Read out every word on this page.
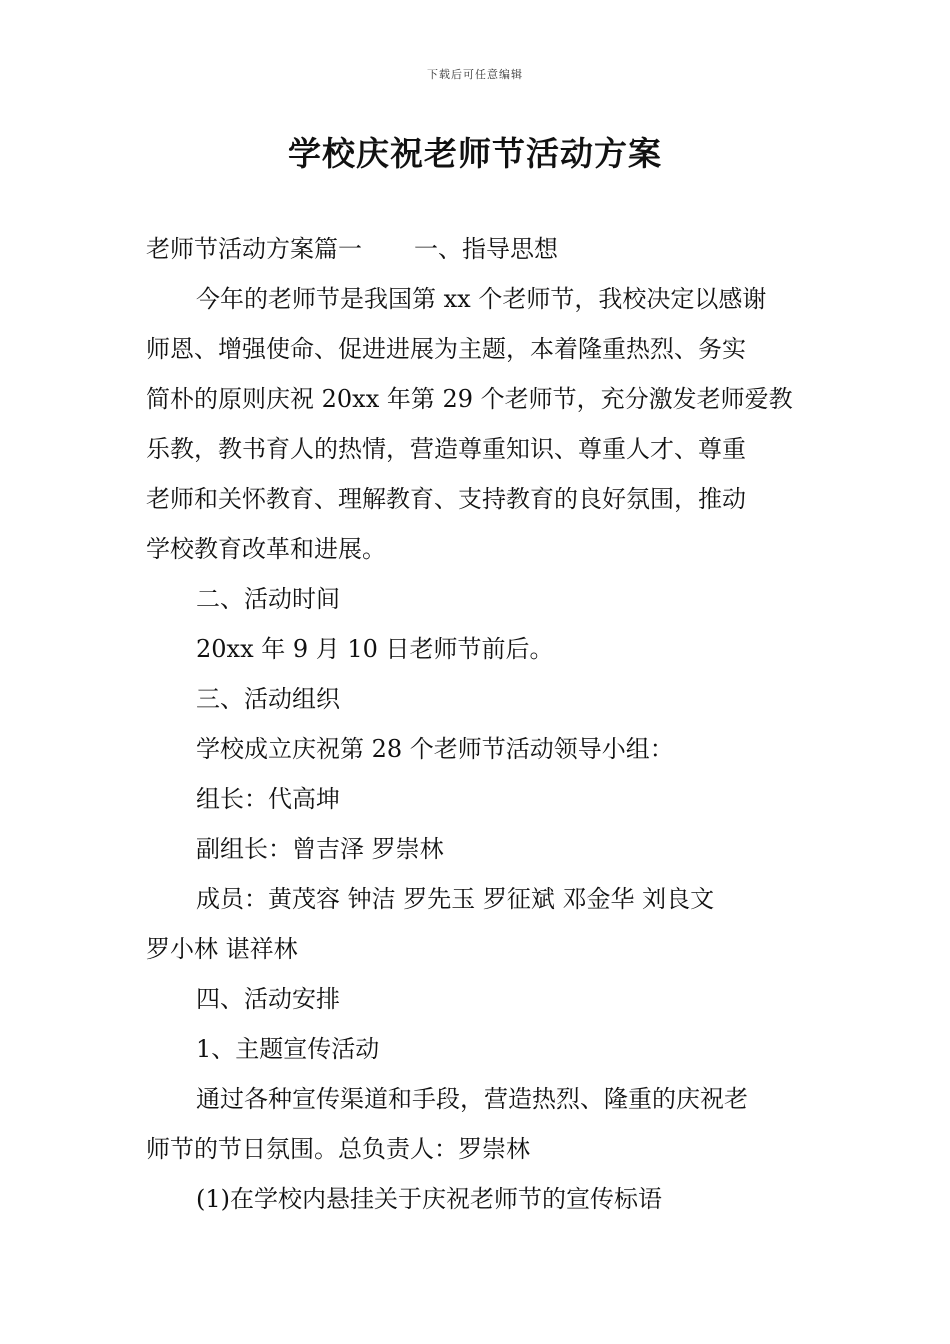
下载后可任意编辑
学校庆祝老师节活动方案
老师节活动方案篇一 一、指导思想
今年的老师节是我国第 xx 个老师节，我校决定以感谢
师恩、增强使命、促进进展为主题，本着隆重热烈、务实
简朴的原则庆祝 20xx 年第 29 个老师节，充分激发老师爱教
乐教，教书育人的热情，营造尊重知识、尊重人才、尊重
老师和关怀教育、理解教育、支持教育的良好氛围，推动
学校教育改革和进展。
二、活动时间
20xx 年 9 月 10 日老师节前后。
三、活动组织
学校成立庆祝第 28 个老师节活动领导小组：
组长：代高坤
副组长：曾吉泽 罗崇林
成员：黄茂容 钟洁 罗先玉 罗征斌 邓金华 刘良文
罗小林 谌祥林
四、活动安排
1、主题宣传活动
通过各种宣传渠道和手段，营造热烈、隆重的庆祝老
师节的节日氛围。总负责人：罗崇林
(1)在学校内悬挂关于庆祝老师节的宣传标语
